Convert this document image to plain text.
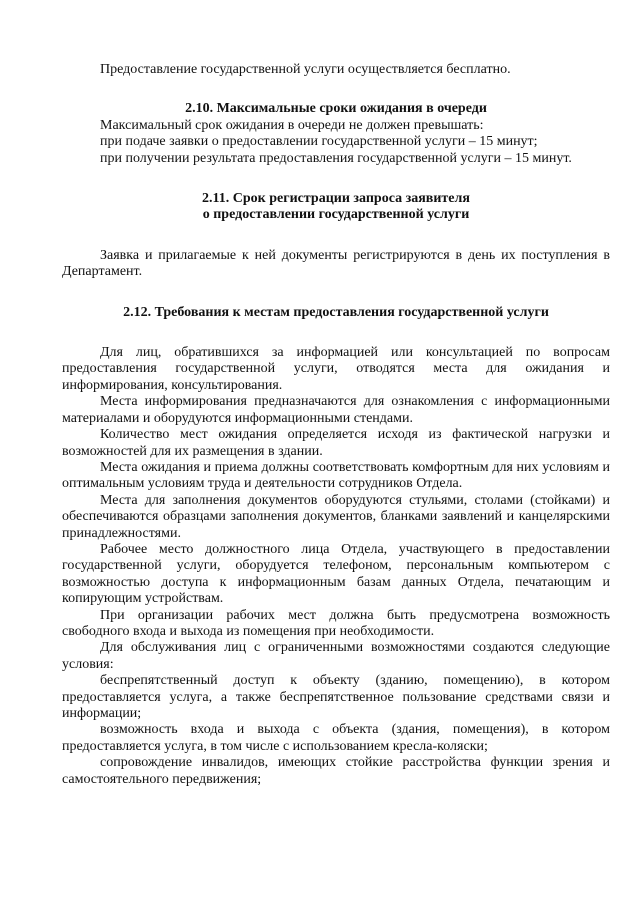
Предоставление государственной услуги осуществляется бесплатно.

2.10. Максимальные сроки ожидания в очереди

Максимальный срок ожидания в очереди не должен превышать:

при подаче заявки о предоставлении государственной услуги – 15 минут;

при получении результата предоставления государственной услуги – 15 минут.

2.11. Срок регистрации запроса заявителя

о предоставлении государственной услуги

Заявка и прилагаемые к ней документы регистрируются в день их поступления в Департамент.

2.12. Требования к местам предоставления государственной услуги

Для лиц, обратившихся за информацией или консультацией по вопросам предоставления государственной услуги, отводятся места для ожидания и информирования, консультирования.

Места информирования предназначаются для ознакомления с информационными материалами и оборудуются информационными стендами.

Количество мест ожидания определяется исходя из фактической нагрузки и возможностей для их размещения в здании.

Места ожидания и приема должны соответствовать комфортным для них условиям и оптимальным условиям труда и деятельности сотрудников Отдела.

Места для заполнения документов оборудуются стульями, столами (стойками) и обеспечиваются образцами заполнения документов, бланками заявлений и канцелярскими принадлежностями.

Рабочее место должностного лица Отдела, участвующего в предоставлении государственной услуги, оборудуется телефоном, персональным компьютером с возможностью доступа к информационным базам данных Отдела, печатающим и копирующим устройствам.

При организации рабочих мест должна быть предусмотрена возможность свободного входа и выхода из помещения при необходимости.

Для обслуживания лиц с ограниченными возможностями создаются следующие условия:

беспрепятственный доступ к объекту (зданию, помещению), в котором предоставляется услуга, а также беспрепятственное пользование средствами связи и информации;

возможность входа и выхода с объекта (здания, помещения), в котором предоставляется услуга, в том числе с использованием кресла-коляски;

сопровождение инвалидов, имеющих стойкие расстройства функции зрения и самостоятельного передвижения;
